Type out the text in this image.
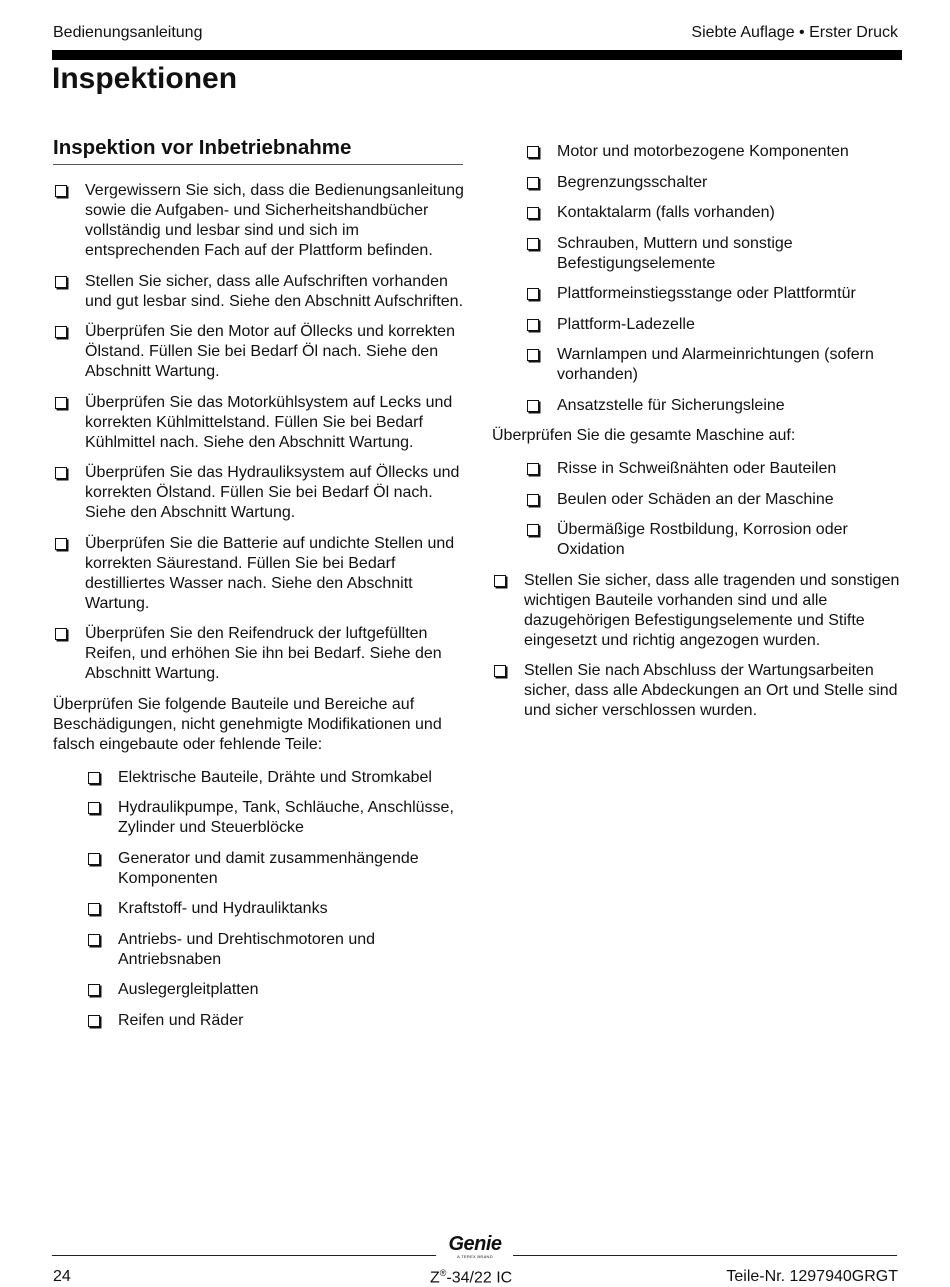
Bedienungsanleitung	Siebte Auflage • Erster Druck
Inspektionen
Inspektion vor Inbetriebnahme
Vergewissern Sie sich, dass die Bedienungsanleitung sowie die Aufgaben- und Sicherheitshandbücher vollständig und lesbar sind und sich im entsprechenden Fach auf der Plattform befinden.
Stellen Sie sicher, dass alle Aufschriften vorhanden und gut lesbar sind. Siehe den Abschnitt Aufschriften.
Überprüfen Sie den Motor auf Öllecks und korrekten Ölstand. Füllen Sie bei Bedarf Öl nach. Siehe den Abschnitt Wartung.
Überprüfen Sie das Motorkühlsystem auf Lecks und korrekten Kühlmittelstand. Füllen Sie bei Bedarf Kühlmittel nach. Siehe den Abschnitt Wartung.
Überprüfen Sie das Hydrauliksystem auf Öllecks und korrekten Ölstand. Füllen Sie bei Bedarf Öl nach. Siehe den Abschnitt Wartung.
Überprüfen Sie die Batterie auf undichte Stellen und korrekten Säurestand. Füllen Sie bei Bedarf destilliertes Wasser nach. Siehe den Abschnitt Wartung.
Überprüfen Sie den Reifendruck der luftgefüllten Reifen, und erhöhen Sie ihn bei Bedarf. Siehe den Abschnitt Wartung.

Überprüfen Sie folgende Bauteile und Bereiche auf Beschädigungen, nicht genehmigte Modifikationen und falsch eingebaute oder fehlende Teile:

Elektrische Bauteile, Drähte und Stromkabel
Hydraulikpumpe, Tank, Schläuche, Anschlüsse, Zylinder und Steuerblöcke
Generator und damit zusammenhängende Komponenten
Kraftstoff- und Hydrauliktanks
Antriebs- und Drehtischmotoren und Antriebsnaben
Auslegergleitplatten
Reifen und Räder
Motor und motorbezogene Komponenten
Begrenzungsschalter
Kontaktalarm (falls vorhanden)
Schrauben, Muttern und sonstige Befestigungselemente
Plattformeinstiegsstange oder Plattformtür
Plattform-Ladezelle
Warnlampen und Alarmeinrichtungen (sofern vorhanden)
Ansatzstelle für Sicherungsleine

Überprüfen Sie die gesamte Maschine auf:

Risse in Schweißnähten oder Bauteilen
Beulen oder Schäden an der Maschine
Übermäßige Rostbildung, Korrosion oder Oxidation
Stellen Sie sicher, dass alle tragenden und sonstigen wichtigen Bauteile vorhanden sind und alle dazugehörigen Befestigungselemente und Stifte eingesetzt und richtig angezogen wurden.
Stellen Sie nach Abschluss der Wartungsarbeiten sicher, dass alle Abdeckungen an Ort und Stelle sind und sicher verschlossen wurden.
Genie
A TEREX BRAND
24	Z®-34/22 IC	Teile-Nr. 1297940GRGT
